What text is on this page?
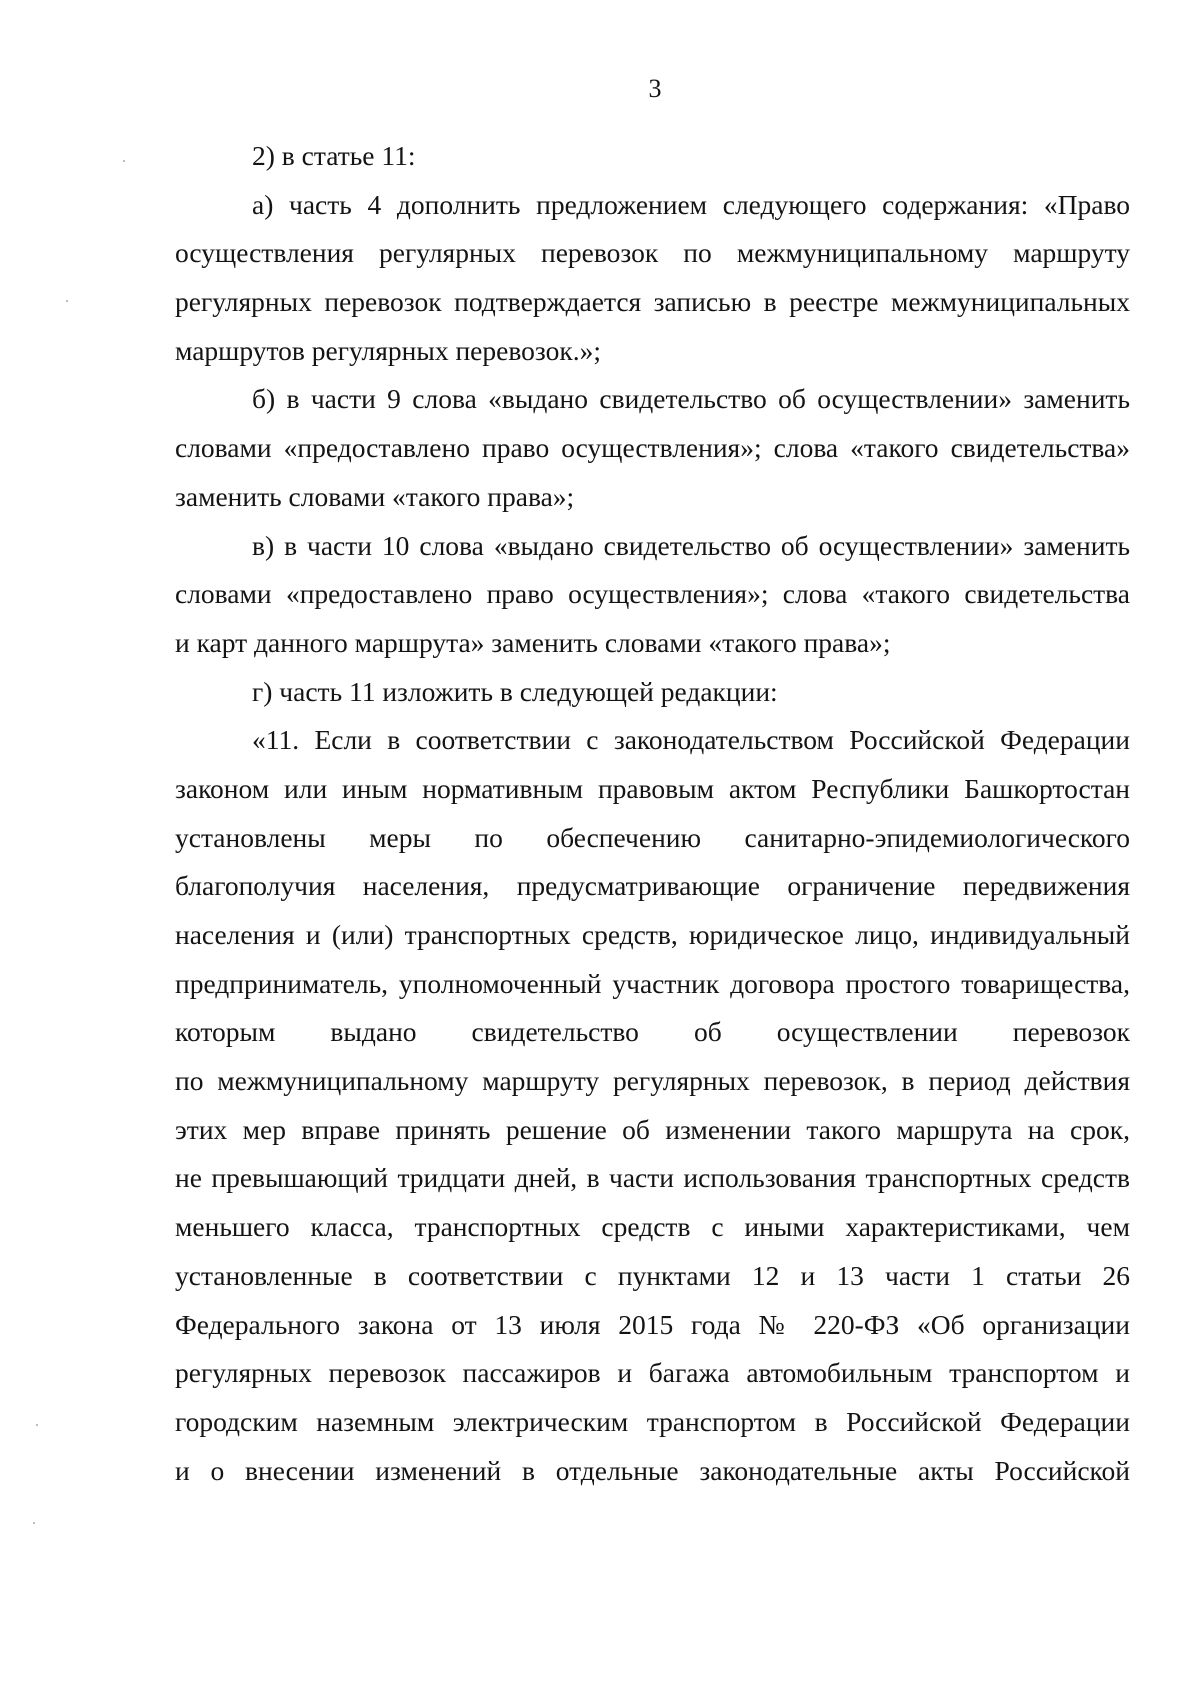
3
2) в статье 11:
а) часть 4 дополнить предложением следующего содержания: «Право
осуществления регулярных перевозок по межмуниципальному маршруту
регулярных перевозок подтверждается записью в реестре межмуниципальных
маршрутов регулярных перевозок.»;
б) в части 9 слова «выдано свидетельство об осуществлении» заменить
словами «предоставлено право осуществления»; слова «такого свидетельства»
заменить словами «такого права»;
в) в части 10 слова «выдано свидетельство об осуществлении» заменить
словами «предоставлено право осуществления»; слова «такого свидетельства
и карт данного маршрута» заменить словами «такого права»;
г) часть 11 изложить в следующей редакции:
«11. Если в соответствии с законодательством Российской Федерации
законом или иным нормативным правовым актом Республики Башкортостан
установлены меры по обеспечению санитарно-эпидемиологического
благополучия населения, предусматривающие ограничение передвижения
населения и (или) транспортных средств, юридическое лицо, индивидуальный
предприниматель, уполномоченный участник договора простого товарищества,
которым выдано свидетельство об осуществлении перевозок
по межмуниципальному маршруту регулярных перевозок, в период действия
этих мер вправе принять решение об изменении такого маршрута на срок,
не превышающий тридцати дней, в части использования транспортных средств
меньшего класса, транспортных средств с иными характеристиками, чем
установленные в соответствии с пунктами 12 и 13 части 1 статьи 26
Федерального закона от 13 июля 2015 года № 220-ФЗ «Об организации
регулярных перевозок пассажиров и багажа автомобильным транспортом и
городским наземным электрическим транспортом в Российской Федерации
и о внесении изменений в отдельные законодательные акты Российской
